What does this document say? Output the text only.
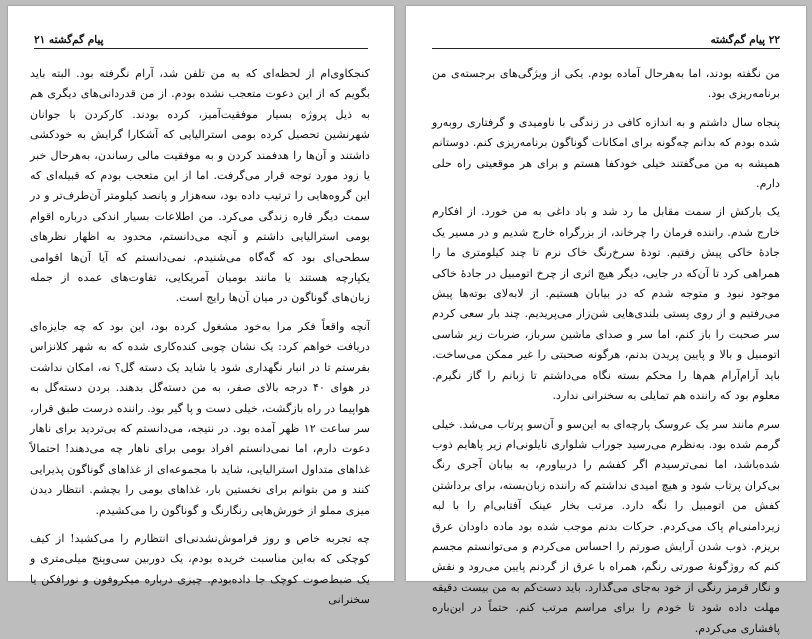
پیام گم‌گشته ۲۱

کنجکاوی‌ام از لحظه‌ای که به من تلفن شد، آرام نگرفته بود. البته باید بگویم که از این دعوت متعجب نشده بودم. از من قدردانی‌های دیگری هم به ذیل پروژه بسیار موفقیت‌آمیز، کرده بودند. کارکردن با جوانان شهرنشین تحصیل کرده بومی استرالیایی که آشکارا گرایش به خودکشی داشتند و آن‌ها را هدفمند کردن و به موفقیت مالی رساندن، به‌هرحال خبر یا زود مورد توجه قرار می‌گرفت. اما از این متعجب بودم که قبیله‌ای که این گروه‌هایی را ترتیب داده بود، سه‌هزار و پانصد کیلومتر آن‌طرف‌تر و در سمت دیگر قاره زندگی می‌کرد. من اطلاعات بسیار اندکی درباره اقوام بومی استرالیایی داشتم و آنچه می‌دانستم، محدود به اظهار نظرهای سطحی‌ای بود که گه‌گاه می‌شنیدم. نمی‌دانستم که آیا آن‌ها اقوامی یکپارچه هستند یا مانند بومیان آمریکایی، تفاوت‌های عمده از جمله زبان‌های گوناگون در میان آن‌ها رایج است.

آنچه واقعاً فکر مرا به‌خود مشغول کرده بود، این بود که چه جایزه‌ای دریافت خواهم کرد: یک نشان چوبی کنده‌کاری شده که به شهر کلانزاس بفرستم تا در انبار نگهداری شود یا شاید یک دسته گل؟ نه، امکان نداشت در هوای ۴۰ درجه بالای صفر، به من دسته‌گل بدهند. بردن دسته‌گل به هواپیما در راه بازگشت، خیلی دست و پا گیر بود. راننده درست طبق قرار، سر ساعت ۱۲ ظهر آمده بود. در نتیجه، می‌دانستم که بی‌تردید برای ناهار دعوت دارم، اما نمی‌دانستم افراد بومی برای ناهار چه می‌دهند! احتمالاً غذاهای متداول استرالیایی، شاید با مجموعه‌ای از غذاهای گوناگون پذیرایی کنند و من بتوانم برای نخستین بار، غذاهای بومی را بچشم. انتظار دیدن میزی مملو از خورش‌هایی رنگارنگ و گوناگون را می‌کشیدم.

چه تجربه خاص و روز فراموش‌نشدنی‌ای انتظارم را می‌کشید! از کیف کوچکی که به‌این مناسبت خریده بودم، یک دوربین سی‌وپنج میلی‌متری و یک ضبط‌صوت کوچک جا داده‌بودم. چیزی درباره میکروفون و نورافکن یا سخنرانی

۲۲ پیام گم‌گشته

من نگفته بودند، اما به‌هرحال آماده بودم. یکی از ویژگی‌های برجسته‌ی من برنامه‌ریزی بود.

پنجاه سال داشتم و به اندازه کافی در زندگی با ناومیدی و گرفتاری روبه‌رو شده بودم که بدانم چه‌گونه برای امکانات گوناگون برنامه‌ریزی کنم. دوستانم همیشه به من می‌گفتند خیلی خودکفا هستم و برای هر موقعیتی راه حلی دارم.

یک بارکش از سمت مقابل ما رد شد و باد داغی به من خورد. از افکارم خارج شدم. راننده فرمان را چرخاند، از بزرگراه خارج شدیم و در مسیر یک جادهٔ خاکی پیش رفتیم. تودهٔ سرخ‌رنگ خاک نرم تا چند کیلومتری ما را همراهی کرد تا آن‌که در جایی، دیگر هیچ اثری از چرخ اتومبیل در جادهٔ خاکی موجود نبود و متوجه شدم که در بیابان هستیم. از لابه‌لای بوته‌ها پیش می‌رفتیم و از روی پستی بلندی‌هایی شن‌زار می‌پریدیم. چند بار سعی کردم سر صحبت را باز کنم، اما سر و صدای ماشین سرباز، ضربات زیر شاسی اتومبیل و بالا و پایین پریدن بدنم، هرگونه صحبتی را غیر ممکن می‌ساخت. باید آرام‌آرام هم‌ها را محکم بسته نگاه می‌داشتم تا زبانم را گاز نگیرم. معلوم بود که راننده هم تمایلی به سخنرانی ندارد.

سرم مانند سر یک عروسک پارچه‌ای به این‌سو و آن‌سو پرتاب می‌شد. خیلی گرمم شده بود. به‌نظرم می‌رسید جوراب شلواری نایلونی‌ام زیر پاهایم ذوب شده‌باشد، اما نمی‌ترسیدم اگر کفشم را دربیاورم، به بیابان آجری رنگ بی‌کران پرتاب شود و هیچ امیدی نداشتم که راننده زبان‌بسته، برای برداشتن کفش من اتومبیل را نگه دارد. مرتب بخار عینک آفتابی‌ام را با لبه زیردامنی‌ام پاک می‌کردم. حرکات بدنم موجب شده بود ماده داودان عرق بریزم. ذوب شدن آرایش صورتم را احساس می‌کردم و می‌توانستم مجسم کنم که روژگونهٔ صورتی رنگم، همراه با عرق از گردنم پایین می‌رود و نقش و نگار قرمز رنگی از خود به‌جای می‌گذارد. باید دست‌کم به من بیست دقیقه مهلت داده شود تا خودم را برای مراسم مرتب کنم. حتماً در این‌باره پافشاری می‌کردم.
